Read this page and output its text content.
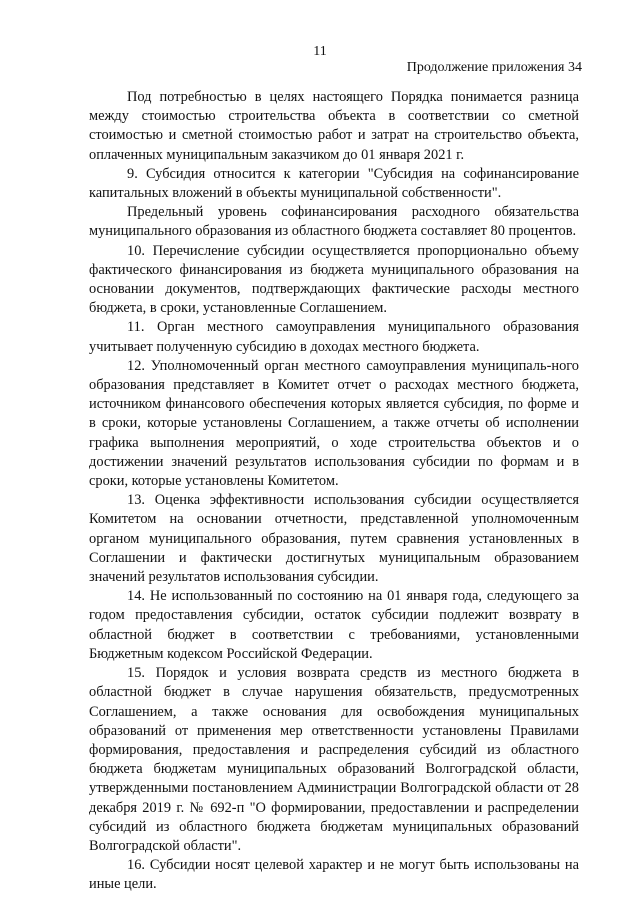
11
Продолжение приложения 34

Под потребностью в целях настоящего Порядка понимается разница между стоимостью строительства объекта в соответствии со сметной стоимостью и сметной стоимостью работ и затрат на строительство объекта, оплаченных муниципальным заказчиком до 01 января 2021 г.

9. Субсидия относится к категории "Субсидия на софинансирование капитальных вложений в объекты муниципальной собственности".

Предельный уровень софинансирования расходного обязательства муниципального образования из областного бюджета составляет 80 процентов.

10. Перечисление субсидии осуществляется пропорционально объему фактического финансирования из бюджета муниципального образования на основании документов, подтверждающих фактические расходы местного бюджета, в сроки, установленные Соглашением.

11. Орган местного самоуправления муниципального образования учитывает полученную субсидию в доходах местного бюджета.

12. Уполномоченный орган местного самоуправления муниципаль-ного образования представляет в Комитет отчет о расходах местного бюджета, источником финансового обеспечения которых является субсидия, по форме и в сроки, которые установлены Соглашением, а также отчеты об исполнении графика выполнения мероприятий, о ходе строительства объектов и о достижении значений результатов использования субсидии по формам и в сроки, которые установлены Комитетом.

13. Оценка эффективности использования субсидии осуществляется Комитетом на основании отчетности, представленной уполномоченным органом муниципального образования, путем сравнения установленных в Соглашении и фактически достигнутых муниципальным образованием значений результатов использования субсидии.

14. Не использованный по состоянию на 01 января года, следующего за годом предоставления субсидии, остаток субсидии подлежит возврату в областной бюджет в соответствии с требованиями, установленными Бюджетным кодексом Российской Федерации.

15. Порядок и условия возврата средств из местного бюджета в областной бюджет в случае нарушения обязательств, предусмотренных Соглашением, а также основания для освобождения муниципальных образований от применения мер ответственности установлены Правилами формирования, предоставления и распределения субсидий из областного бюджета бюджетам муниципальных образований Волгоградской области, утвержденными постановлением Администрации Волгоградской области от 28 декабря 2019 г. № 692-п "О формировании, предоставлении и распределении субсидий из областного бюджета бюджетам муниципальных образований Волгоградской области".

16. Субсидии носят целевой характер и не могут быть использованы на иные цели.
